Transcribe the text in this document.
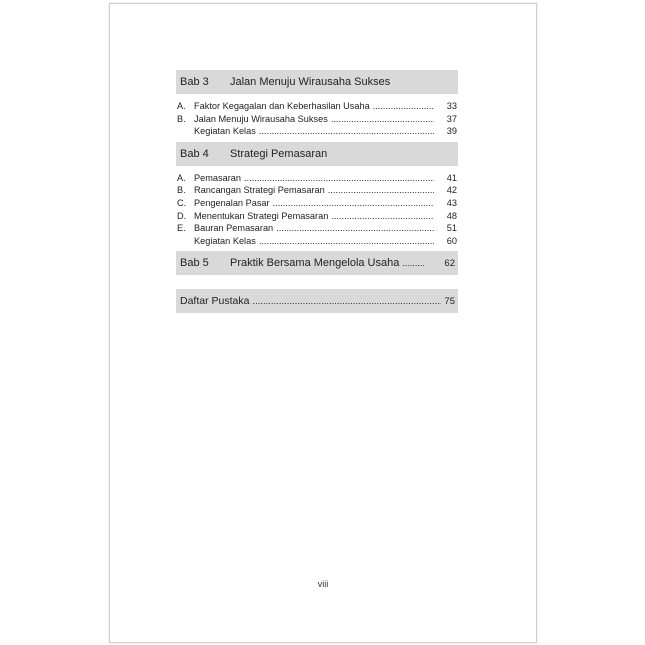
Bab 3	Jalan Menuju Wirausaha Sukses
A. Faktor Kegagalan dan Keberhasilan Usaha .....	33
B. Jalan Menuju Wirausaha Sukses .....	37
Kegiatan Kelas .....	39
Bab 4	Strategi Pemasaran
A. Pemasaran .....	41
B. Rancangan Strategi Pemasaran .....	42
C. Pengenalan Pasar .....	43
D. Menentukan Strategi Pemasaran .....	48
E. Bauran Pemasaran .....	51
Kegiatan Kelas .....	60
Bab 5	Praktik Bersama Mengelola Usaha .........	62
Daftar Pustaka .....	75
viii
